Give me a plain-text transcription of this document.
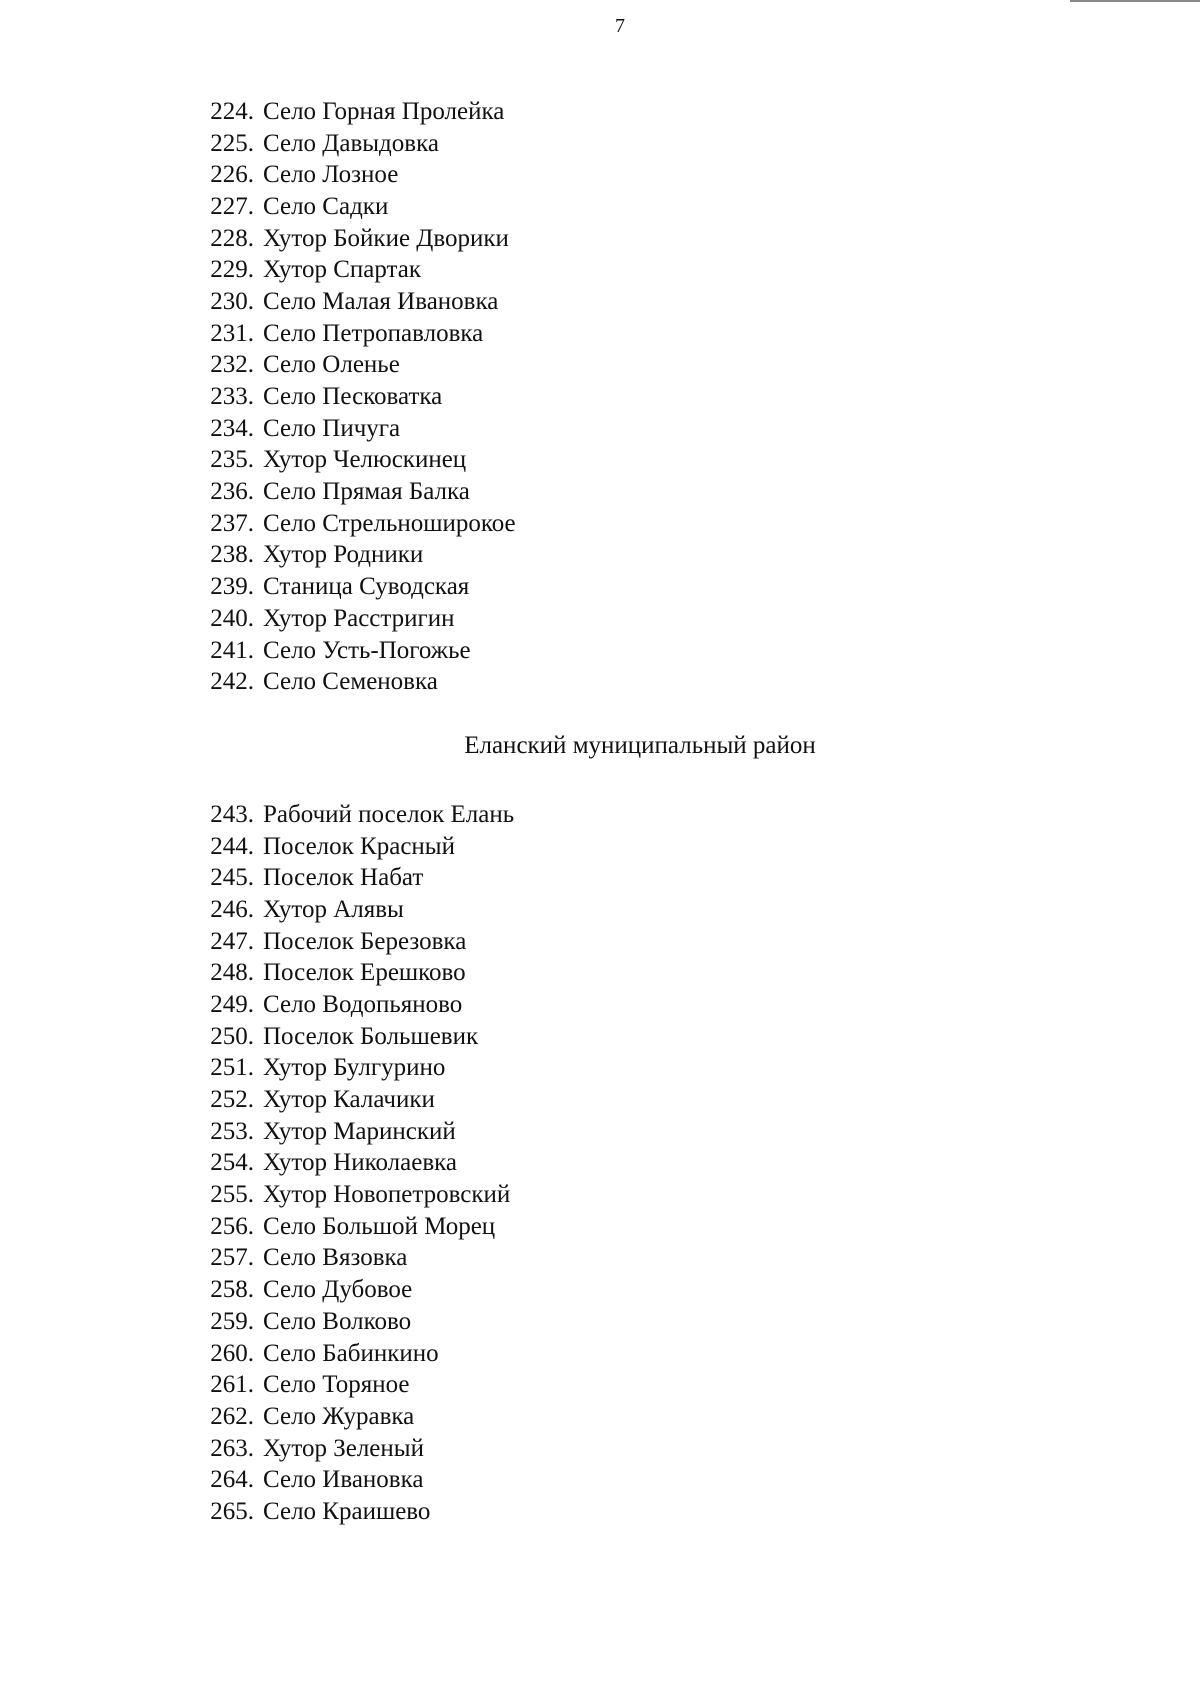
7
224. Село Горная Пролейка
225. Село Давыдовка
226. Село Лозное
227. Село Садки
228. Хутор Бойкие Дворики
229. Хутор Спартак
230. Село Малая Ивановка
231. Село Петропавловка
232. Село Оленье
233. Село Песковатка
234. Село Пичуга
235. Хутор Челюскинец
236. Село Прямая Балка
237. Село Стрельноширокое
238. Хутор Родники
239. Станица Суводская
240. Хутор Расстригин
241. Село Усть-Погожье
242. Село Семеновка
Еланский муниципальный район
243. Рабочий поселок Елань
244. Поселок Красный
245. Поселок Набат
246. Хутор Алявы
247. Поселок Березовка
248. Поселок Ерешково
249. Село Водопьяново
250. Поселок Большевик
251. Хутор Булгурино
252. Хутор Калачики
253. Хутор Маринский
254. Хутор Николаевка
255. Хутор Новопетровский
256. Село Большой Морец
257. Село Вязовка
258. Село Дубовое
259. Село Волково
260. Село Бабинкино
261. Село Торяное
262. Село Журавка
263. Хутор Зеленый
264. Село Ивановка
265. Село Краишево
